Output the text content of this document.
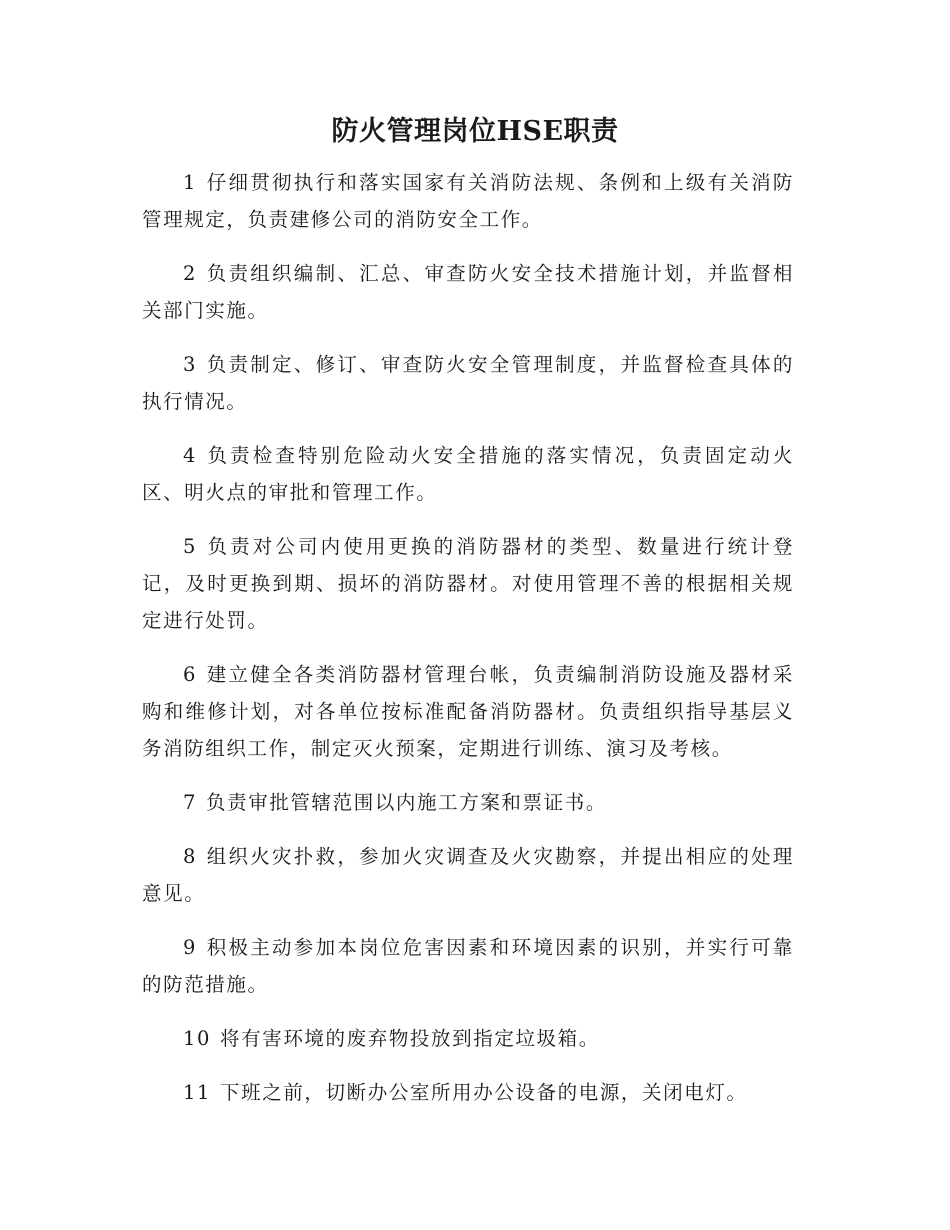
防火管理岗位HSE职责

1 仔细贯彻执行和落实国家有关消防法规、条例和上级有关消防管理规定，负责建修公司的消防安全工作。

2 负责组织编制、汇总、审查防火安全技术措施计划，并监督相关部门实施。

3 负责制定、修订、审查防火安全管理制度，并监督检查具体的执行情况。

4 负责检查特别危险动火安全措施的落实情况，负责固定动火区、明火点的审批和管理工作。

5 负责对公司内使用更换的消防器材的类型、数量进行统计登记，及时更换到期、损坏的消防器材。对使用管理不善的根据相关规定进行处罚。

6 建立健全各类消防器材管理台帐，负责编制消防设施及器材采购和维修计划，对各单位按标准配备消防器材。负责组织指导基层义务消防组织工作，制定灭火预案，定期进行训练、演习及考核。

7 负责审批管辖范围以内施工方案和票证书。

8 组织火灾扑救，参加火灾调查及火灾勘察，并提出相应的处理意见。

9 积极主动参加本岗位危害因素和环境因素的识别，并实行可靠的防范措施。

10 将有害环境的废弃物投放到指定垃圾箱。

11 下班之前，切断办公室所用办公设备的电源，关闭电灯。
